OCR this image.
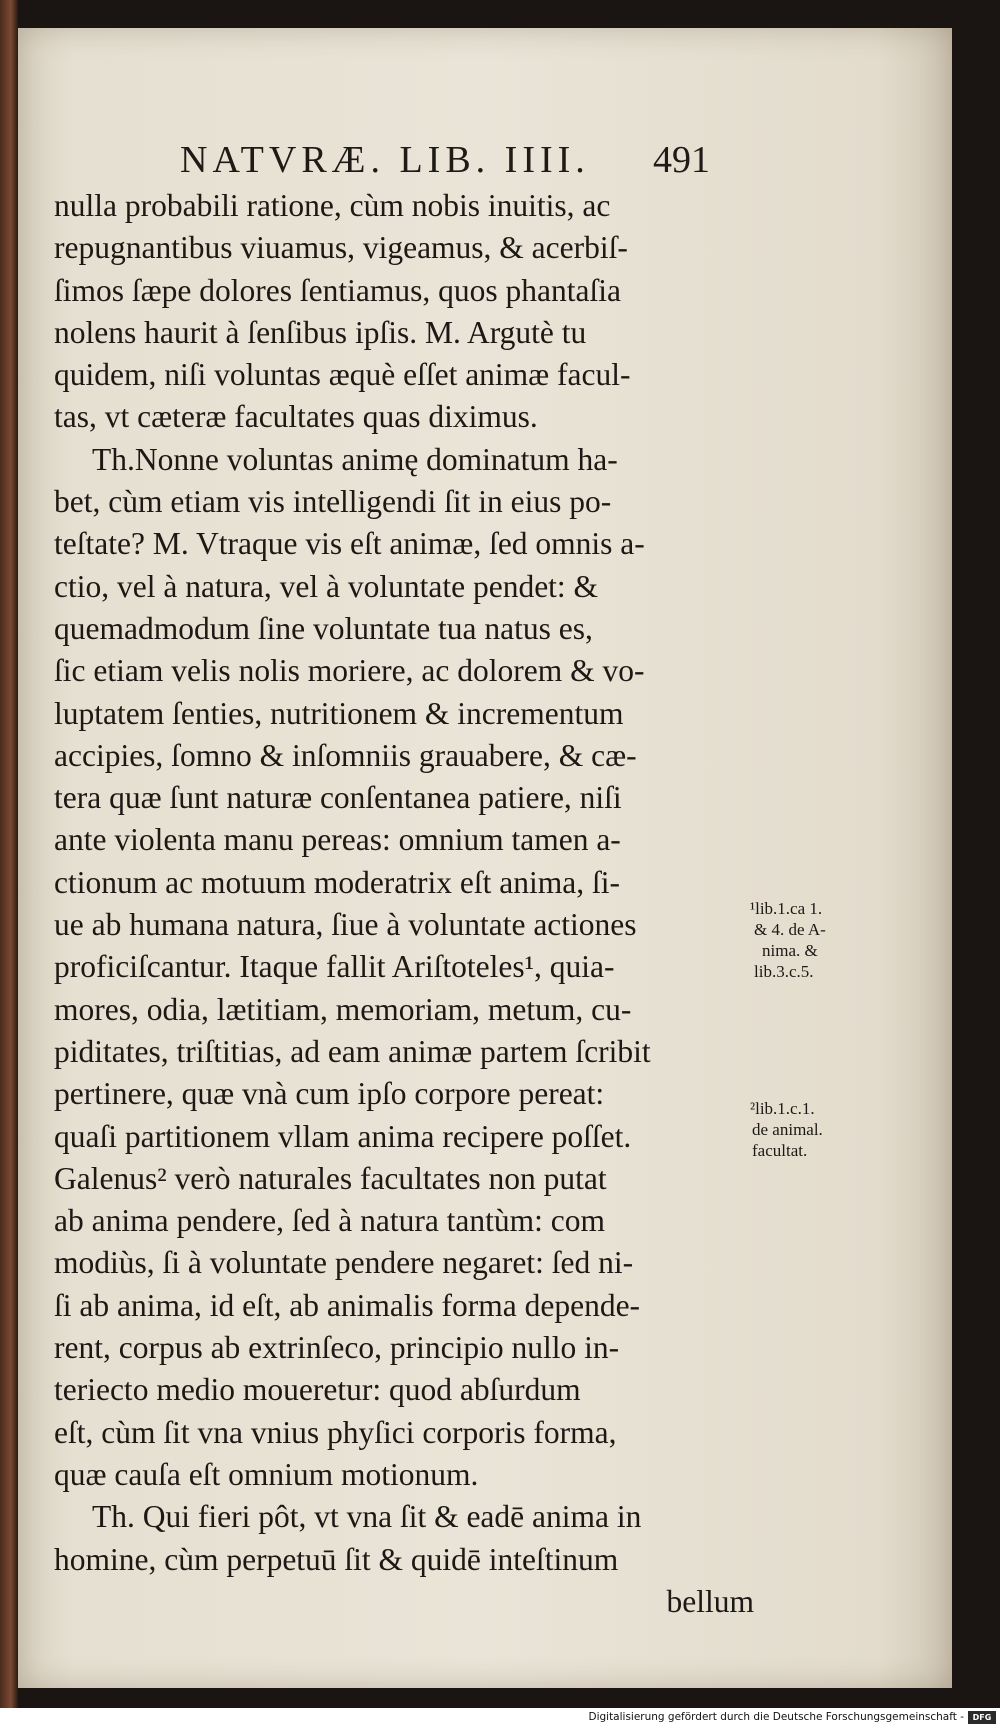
NATVRÆ. LIB. IIII. 491
nulla probabili ratione, cùm nobis inuitis, ac
repugnantibus viuamus, vigeamus, & acerbiſ-
ſimos ſæpe dolores ſentiamus, quos phantaſia
nolens haurit à ſenſibus ipſis. M. Argutè tu
quidem, niſi voluntas æquè eſſet animæ facul-
tas, vt cæteræ facultates quas diximus.
Th.Nonne voluntas animę dominatum ha-
bet, cùm etiam vis intelligendi ſit in eius po-
teſtate? M. Vtraque vis eſt animæ, ſed omnis a-
ctio, vel à natura, vel à voluntate pendet: &
quemadmodum ſine voluntate tua natus es,
ſic etiam velis nolis moriere, ac dolorem & vo-
luptatem ſenties, nutritionem & incrementum
accipies, ſomno & inſomniis grauabere, & cæ-
tera quæ ſunt naturæ conſentanea patiere, niſi
ante violenta manu pereas: omnium tamen a-
ctionum ac motuum moderatrix eſt anima, ſi-
ue ab humana natura, ſiue à voluntate actiones
proficiſcantur. Itaque fallit Ariſtoteles¹, quia-
mores, odia, lætitiam, memoriam, metum, cu-
piditates, triſtitias, ad eam animæ partem ſcribit
pertinere, quæ vnà cum ipſo corpore pereat:
quaſi partitionem vllam anima recipere poſſet.
Galenus² verò naturales facultates non putat
ab anima pendere, ſed à natura tantùm: com
modiùs, ſi à voluntate pendere negaret: ſed ni-
ſi ab anima, id eſt, ab animalis forma depende-
rent, corpus ab extrinſeco, principio nullo in-
teriecto medio moueretur: quod abſurdum
eſt, cùm ſit vna vnius phyſici corporis forma,
quæ cauſa eſt omnium motionum.
Th. Qui fieri pôt, vt vna ſit & eadē anima in
homine, cùm perpetuū ſit & quidē inteſtinum
bellum
¹lib.1.ca 1.
& 4. de A-
nima. &
lib.3.c.5.
²lib.1.c.1.
de animal.
facultat.
Digitalisierung gefördert durch die Deutsche Forschungsgemeinschaft -	DFG
